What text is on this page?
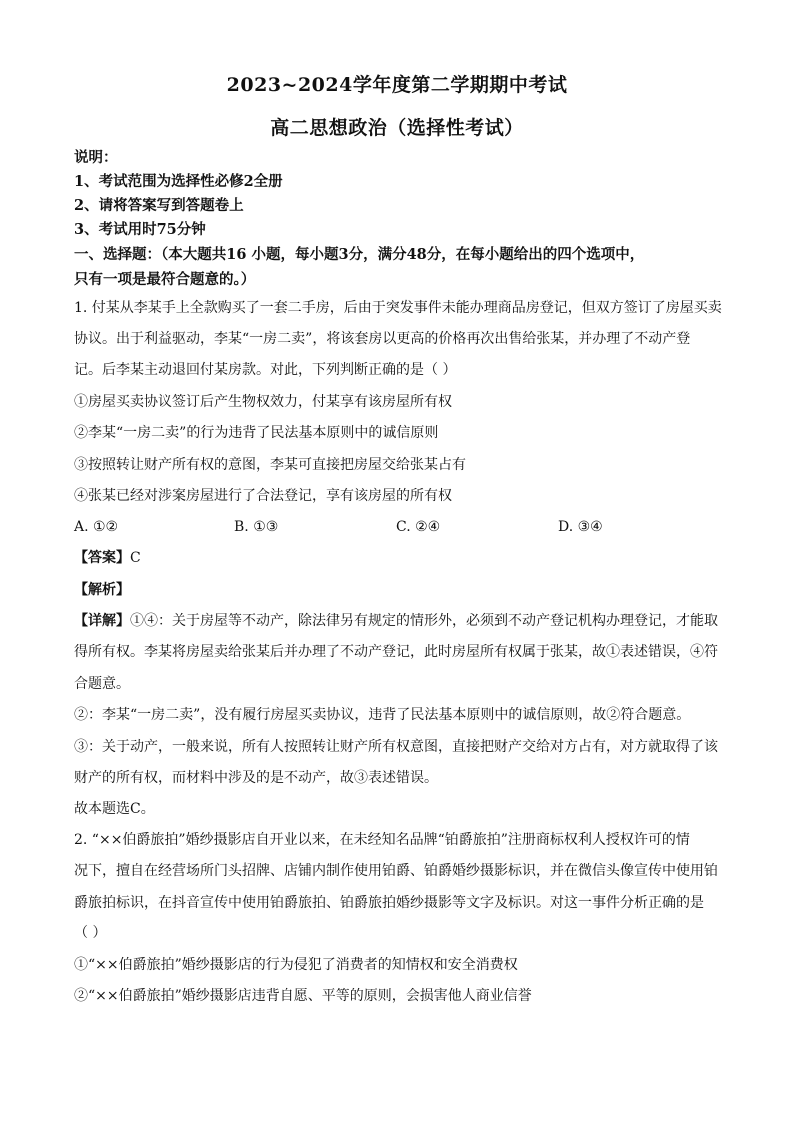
2023~2024学年度第二学期期中考试
高二思想政治（选择性考试）
说明：
1、考试范围为选择性必修2全册
2、请将答案写到答题卷上
3、考试用时75分钟
一、选择题：（本大题共16 小题，每小题3分，满分48分，在每小题给出的四个选项中，
只有一项是最符合题意的。）
1. 付某从李某手上全款购买了一套二手房，后由于突发事件未能办理商品房登记，但双方签订了房屋买卖
协议。出于利益驱动，李某“一房二卖”，将该套房以更高的价格再次出售给张某，并办理了不动产登
记。后李某主动退回付某房款。对此，下列判断正确的是（ ）
①房屋买卖协议签订后产生物权效力，付某享有该房屋所有权
②李某“一房二卖”的行为违背了民法基本原则中的诚信原则
③按照转让财产所有权的意图，李某可直接把房屋交给张某占有
④张某已经对涉案房屋进行了合法登记，享有该房屋的所有权
A. ①②	B. ①③	C. ②④	D. ③④
【答案】C
【解析】
【详解】①④：关于房屋等不动产，除法律另有规定的情形外，必须到不动产登记机构办理登记，才能取
得所有权。李某将房屋卖给张某后并办理了不动产登记，此时房屋所有权属于张某，故①表述错误，④符
合题意。
②：李某“一房二卖”，没有履行房屋买卖协议，违背了民法基本原则中的诚信原则，故②符合题意。
③：关于动产，一般来说，所有人按照转让财产所有权意图，直接把财产交给对方占有，对方就取得了该
财产的所有权，而材料中涉及的是不动产，故③表述错误。
故本题选C。
2. “××伯爵旅拍”婚纱摄影店自开业以来，在未经知名品牌“铂爵旅拍”注册商标权利人授权许可的情
况下，擅自在经营场所门头招牌、店铺内制作使用铂爵、铂爵婚纱摄影标识，并在微信头像宣传中使用铂
爵旅拍标识，在抖音宣传中使用铂爵旅拍、铂爵旅拍婚纱摄影等文字及标识。对这一事件分析正确的是
（ ）
①“××伯爵旅拍”婚纱摄影店的行为侵犯了消费者的知情权和安全消费权
②“××伯爵旅拍”婚纱摄影店违背自愿、平等的原则，会损害他人商业信誉
